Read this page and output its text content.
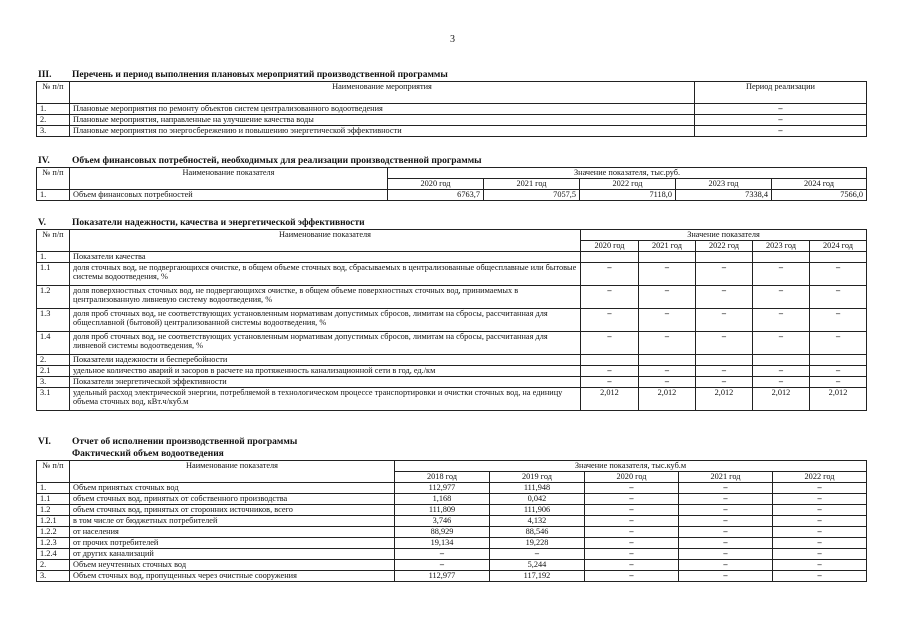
3
III. Перечень и период выполнения плановых мероприятий производственной программы
№ п/п	Наименование мероприятия	Период реализации
1.	Плановые мероприятия по ремонту объектов систем централизованного водоотведения	–
2.	Плановые мероприятия, направленные на улучшение качества воды	–
3.	Плановые мероприятия по энергосбережению и повышению энергетической эффективности	–
IV. Объем финансовых потребностей, необходимых для реализации производственной программы
№ п/п	Наименование показателя	Значение показателя, тыс.руб.				
		2020 год	2021 год	2022 год	2023 год	2024 год
1.	Объем финансовых потребностей	6763,7	7057,5	7118,0	7338,4	7566,0
V.	Показатели надежности, качества и энергетической эффективности
№ п/п	Наименование показателя	Значение показателя				
		2020 год	2021 год	2022 год	2023 год	2024 год
1.	Показатели качества					
1.1	доля сточных вод, не подвергающихся очистке, в общем объеме сточных вод, сбрасываемых в централизованные общесплавные или бытовые системы водоотведения, %	–	–	–	–	–
1.2	доля поверхностных сточных вод, не подвергающихся очистке, в общем объеме поверхностных сточных вод, принимаемых в централизованную ливневую систему водоотведения, %	–	–	–	–	–
1.3	доля проб сточных вод, не соответствующих установленным нормативам допустимых сбросов, лимитам на сбросы, рассчитанная для общесплавной (бытовой) централизованной системы водоотведения, %	–	–	–	–	–
1.4	доля проб сточных вод, не соответствующих установленным нормативам допустимых сбросов, лимитам на сбросы, рассчитанная для ливневой системы водоотведения, %	–	–	–	–	–
2.	Показатели надежности и бесперебойности					
2.1	удельное количество аварий и засоров в расчете на протяженность канализационной сети в год, ед./км	–	–	–	–	–
3.	Показатели энергетической эффективности	–	–	–	–	–
3.1	удельный расход электрической энергии, потребляемой в технологическом процессе транспортировки и очистки сточных вод, на единицу объема сточных вод, кВт.ч/куб.м	2,012	2,012	2,012	2,012	2,012
VI. Отчет об исполнении производственной программы
Фактический объем водоотведения
№ п/п	Наименование показателя	Значение показателя, тыс.куб.м				
		2018 год	2019 год	2020 год	2021 год	2022 год
1.	Объем принятых сточных вод	112,977	111,948	–	–	–
1.1	объем сточных вод, принятых от собственного производства	1,168	0,042	–	–	–
1.2	объем сточных вод, принятых от сторонних источников, всего	111,809	111,906	–	–	–
1.2.1	в том числе от бюджетных потребителей	3,746	4,132	–	–	–
1.2.2	от населения	88,929	88,546	–	–	–
1.2.3	от прочих потребителей	19,134	19,228	–	–	–
1.2.4	от других канализаций	–	–	–	–	–
2.	Объем неучтенных сточных вод	–	5,244	–	–	–
3.	Объем сточных вод, пропущенных через очистные сооружения	112,977	117,192	–	–	–
